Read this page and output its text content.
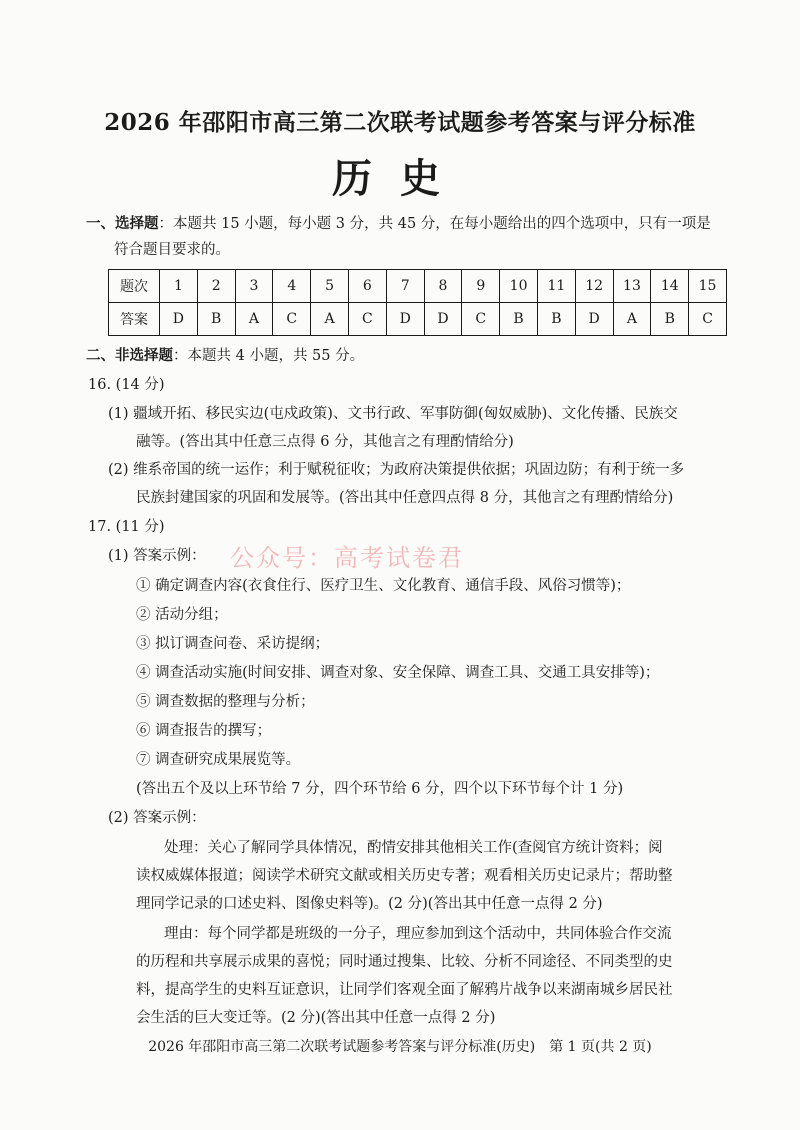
2026 年邵阳市高三第二次联考试题参考答案与评分标准
历史
一、选择题：本题共 15 小题，每小题 3 分，共 45 分，在每小题给出的四个选项中，只有一项是
符合题目要求的。
题次	1	2	3	4	5	6	7	8	9	10	11	12	13	14	15
答案	D	B	A	C	A	C	D	D	C	B	B	D	A	B	C
二、非选择题：本题共 4 小题，共 55 分。
16. (14 分)
(1) 疆域开拓、移民实边(屯戍政策)、文书行政、军事防御(匈奴威胁)、文化传播、民族交
融等。(答出其中任意三点得 6 分，其他言之有理酌情给分)
(2) 维系帝国的统一运作；利于赋税征收；为政府决策提供依据；巩固边防；有利于统一多
民族封建国家的巩固和发展等。(答出其中任意四点得 8 分，其他言之有理酌情给分)
17. (11 分)
(1) 答案示例： 公众号：高考试卷君
① 确定调查内容(衣食住行、医疗卫生、文化教育、通信手段、风俗习惯等)；
② 活动分组；
③ 拟订调查问卷、采访提纲；
④ 调查活动实施(时间安排、调查对象、安全保障、调查工具、交通工具安排等)；
⑤ 调查数据的整理与分析；
⑥ 调查报告的撰写；
⑦ 调查研究成果展览等。
(答出五个及以上环节给 7 分，四个环节给 6 分，四个以下环节每个计 1 分)
(2) 答案示例：
处理：关心了解同学具体情况，酌情安排其他相关工作(查阅官方统计资料；阅
读权威媒体报道；阅读学术研究文献或相关历史专著；观看相关历史记录片；帮助整
理同学记录的口述史料、图像史料等)。(2 分)(答出其中任意一点得 2 分)
理由：每个同学都是班级的一分子，理应参加到这个活动中，共同体验合作交流
的历程和共享展示成果的喜悦；同时通过搜集、比较、分析不同途径、不同类型的史
料，提高学生的史料互证意识，让同学们客观全面了解鸦片战争以来湖南城乡居民社
会生活的巨大变迁等。(2 分)(答出其中任意一点得 2 分)
2026 年邵阳市高三第二次联考试题参考答案与评分标准(历史)　第 1 页(共 2 页)
